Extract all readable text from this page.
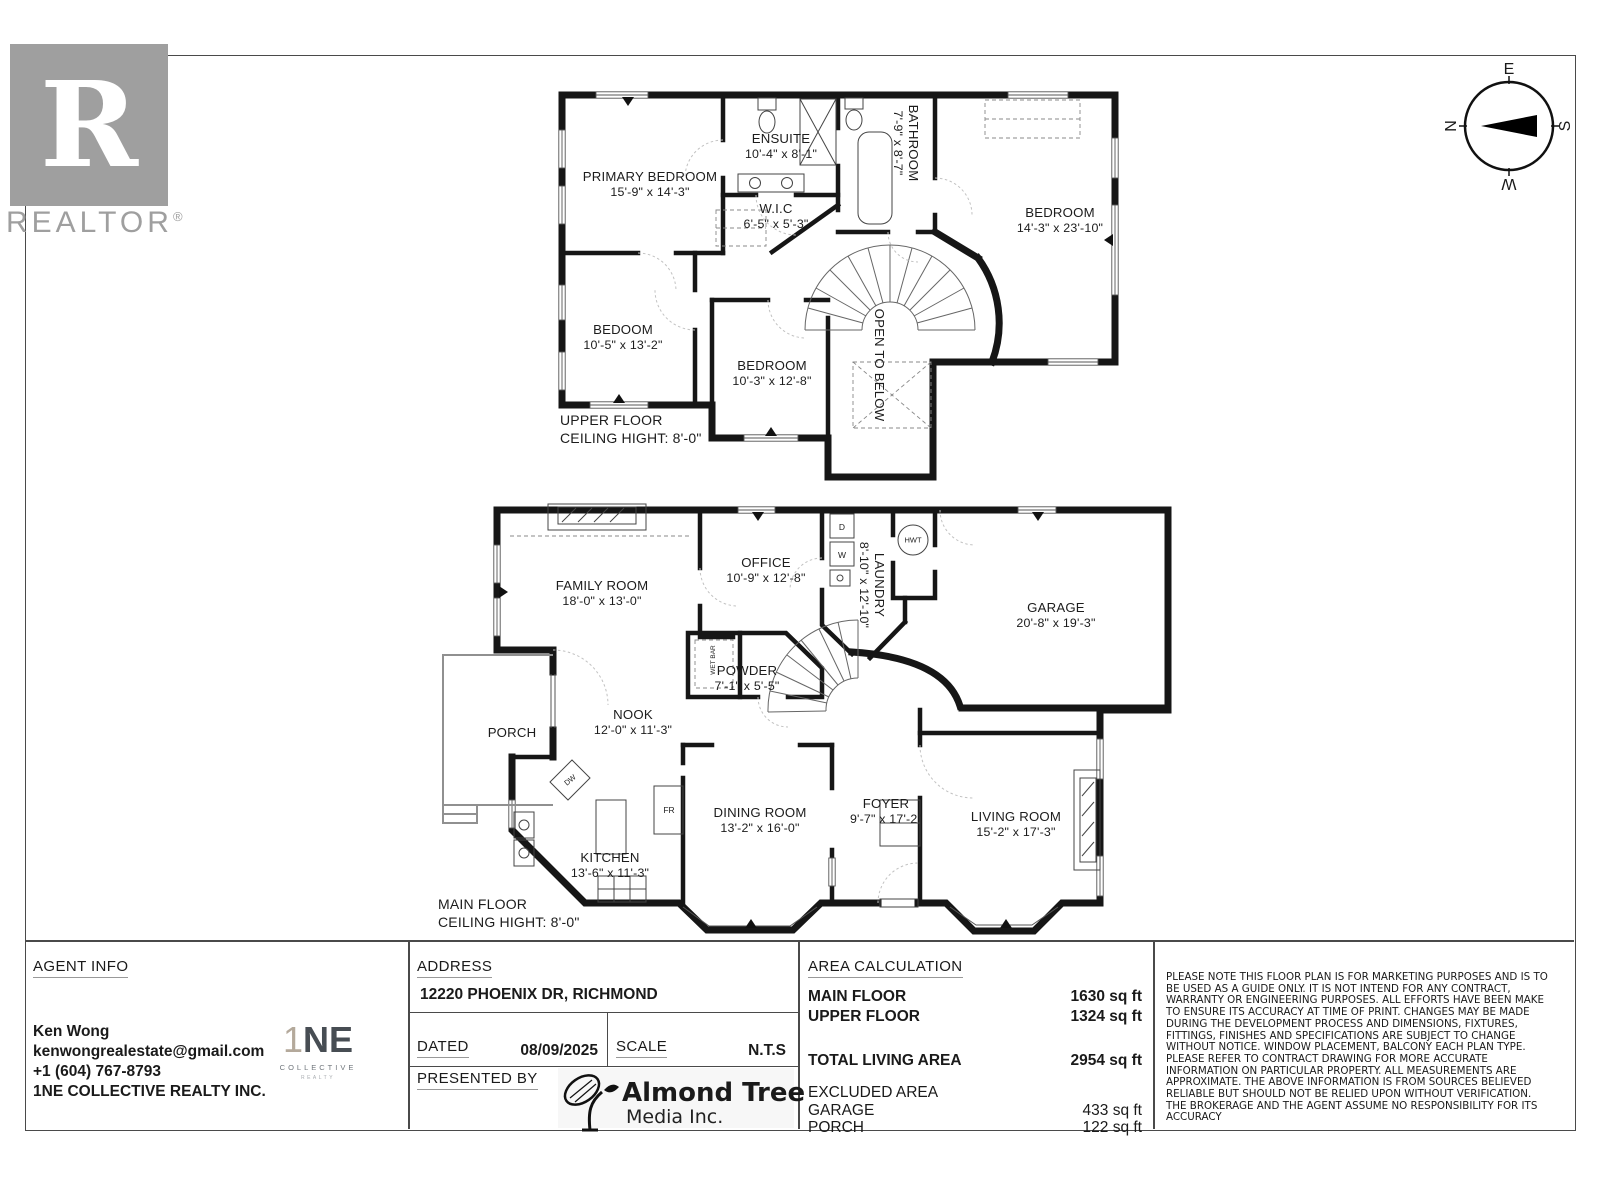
PRIMARY BEDROOM
15'-9" x 14'-3"
ENSUITE
10'-4" x 8'-1"
W.I.C
6'-5" x 5'-3"
BATHROOM
7'-9" x 8'-7"
BEDROOM
14'-3" x 23'-10"
BEDOOM
10'-5" x 13'-2"
BEDROOM
10'-3" x 12'-8"	OPEN TO BELOW
UPPER FLOOR
CEILING HIGHT: 8'-0"
FAMILY ROOM
18'-0" x 13'-0"
OFFICE
10'-9" x 12'-8"	LAUNDRY
8'-10" x 12'-10"	GARAGE
20'-8" x 19'-3"
PORCH
NOOK
12'-0" x 11'-3"
POWDER
7'-1" x 5'-5"
WET BAR
KITCHEN
13'-6" x 11'-3"
DINING ROOM
13'-2" x 16'-0"
FOYER
9'-7" x 17'-2"	LIVING ROOM
15'-2" x 17'-3"
MAIN FLOOR
CEILING HIGHT: 8'-0"
D
W
HWT
FR
DW
R
REALTOR®
E
N	S
W
AGENT INFO
Ken Wong
kenwongrealestate@gmail.com
+1 (604) 767-8793
1NE COLLECTIVE REALTY INC.
1NE
COLLECTIVE
REALTY
ADDRESS
12220 PHOENIX DR, RICHMOND
DATED	08/09/2025 SCALE	N.T.S
PRESENTED BY	Almond Tree
Media Inc.
AREA CALCULATION
MAIN FLOOR	1630 sq ft
UPPER FLOOR	1324 sq ft
TOTAL LIVING AREA	2954 sq ft
EXCLUDED AREA
GARAGE	433 sq ft
PORCH	122 sq ft
PLEASE NOTE THIS FLOOR PLAN IS FOR MARKETING PURPOSES AND IS TO BE USED AS A GUIDE ONLY. IT IS NOT INTEND FOR ANY CONTRACT, WARRANTY OR ENGINEERING PURPOSES. ALL EFFORTS HAVE BEEN MAKE TO ENSURE ITS ACCURACY AT TIME OF PRINT. CHANGES MAY BE MADE DURING THE DEVELOPMENT PROCESS AND DIMENSIONS, FIXTURES, FITTINGS, FINISHES AND SPECIFICATIONS ARE SUBJECT TO CHANGE WITHOUT NOTICE. WINDOW PLACEMENT, BALCONY EACH PLAN TYPE. PLEASE REFER TO CONTRACT DRAWING FOR MORE ACCURATE INFORMATION ON PARTICULAR PROPERTY. ALL MEASUREMENTS ARE APPROXIMATE. THE ABOVE INFORMATION IS FROM SOURCES BELIEVED RELIABLE BUT SHOULD NOT BE RELIED UPON WITHOUT VERIFICATION. THE BROKERAGE AND THE AGENT ASSUME NO RESPONSIBILITY FOR ITS ACCURACY
